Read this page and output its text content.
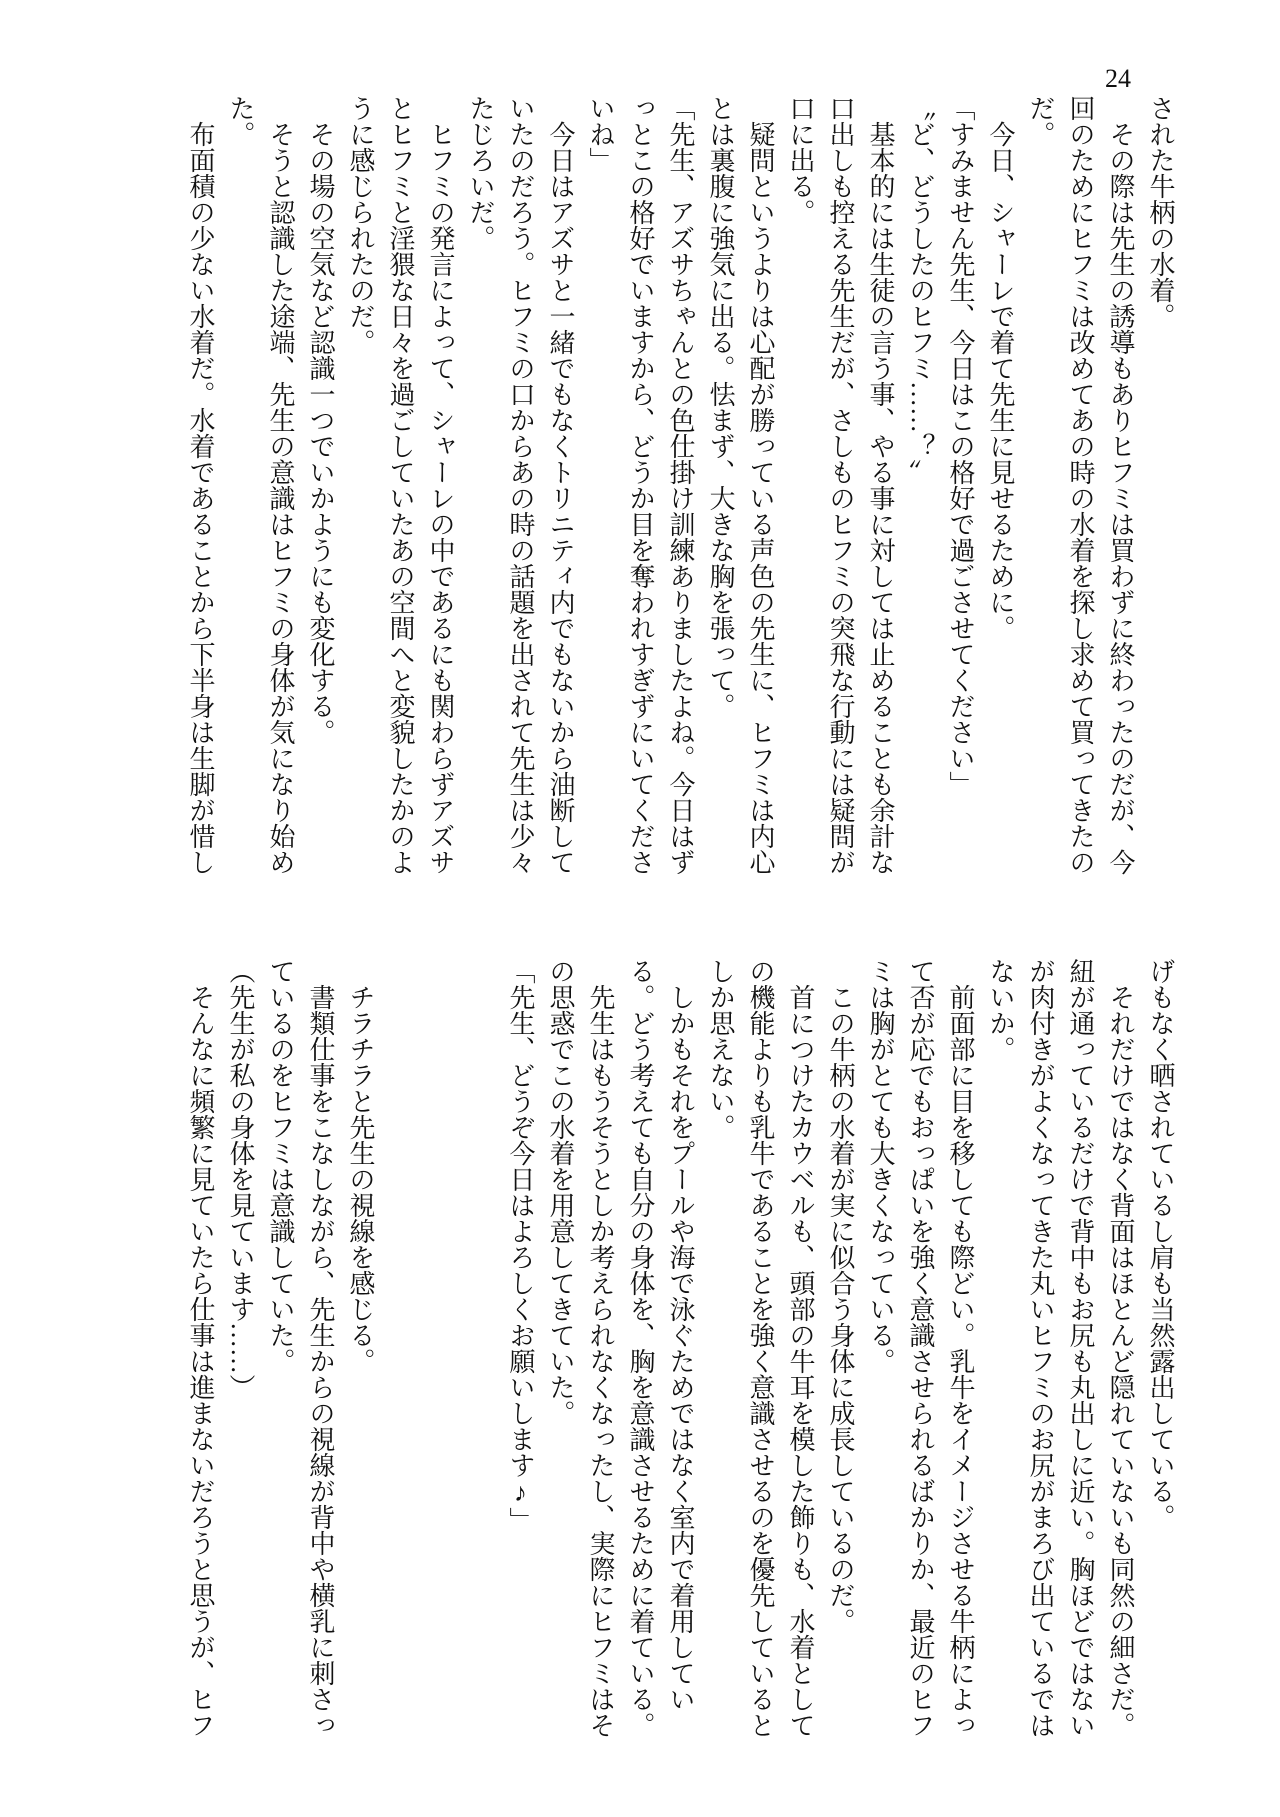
24

された牛柄の水着。

その際は先生の誘導もありヒフミは買わずに終わったのだが、今回のためにヒフミは改めてあの時の水着を探し求めて買ってきたのだ。

今日、シャーレで着て先生に見せるために。

「すみません先生、今日はこの格好で過ごさせてください」

〝ど、どうしたのヒフミ……？〟

基本的には生徒の言う事、やる事に対しては止めることも余計な口出しも控える先生だが、さしものヒフミの突飛な行動には疑問が口に出る。

疑問というよりは心配が勝っている声色の先生に、ヒフミは内心とは裏腹に強気に出る。怯まず、大きな胸を張って。

「先生、アズサちゃんとの色仕掛け訓練ありましたよね。今日はずっとこの格好でいますから、どうか目を奪われすぎずにいてくださいね」

今日はアズサと一緒でもなくトリニティ内でもないから油断していたのだろう。ヒフミの口からあの時の話題を出されて先生は少々たじろいだ。

ヒフミの発言によって、シャーレの中であるにも関わらずアズサとヒフミと淫猥な日々を過ごしていたあの空間へと変貌したかのように感じられたのだ。

その場の空気など認識一つでいかようにも変化する。

そうと認識した途端、先生の意識はヒフミの身体が気になり始めた。

布面積の少ない水着だ。水着であることから下半身は生脚が惜し

げもなく晒されているし肩も当然露出している。

それだけではなく背面はほとんど隠れていないも同然の細さだ。紐が通っているだけで背中もお尻も丸出しに近い。胸ほどではないが肉付きがよくなってきた丸いヒフミのお尻がまろび出ているではないか。

前面部に目を移しても際どい。乳牛をイメージさせる牛柄によって否が応でもおっぱいを強く意識させられるばかりか、最近のヒフミは胸がとても大きくなっている。

この牛柄の水着が実に似合う身体に成長しているのだ。

首につけたカウベルも、頭部の牛耳を模した飾りも、水着としての機能よりも乳牛であることを強く意識させるのを優先しているとしか思えない。

しかもそれをプールや海で泳ぐためではなく室内で着用している。どう考えても自分の身体を、胸を意識させるために着ている。

先生はもうそうとしか考えられなくなったし、実際にヒフミはその思惑でこの水着を用意してきていた。

「先生、どうぞ今日はよろしくお願いします♪」

チラチラと先生の視線を感じる。

書類仕事をこなしながら、先生からの視線が背中や横乳に刺さっているのをヒフミは意識していた。

（先生が私の身体を見ています……）

そんなに頻繁に見ていたら仕事は進まないだろうと思うが、ヒフ
